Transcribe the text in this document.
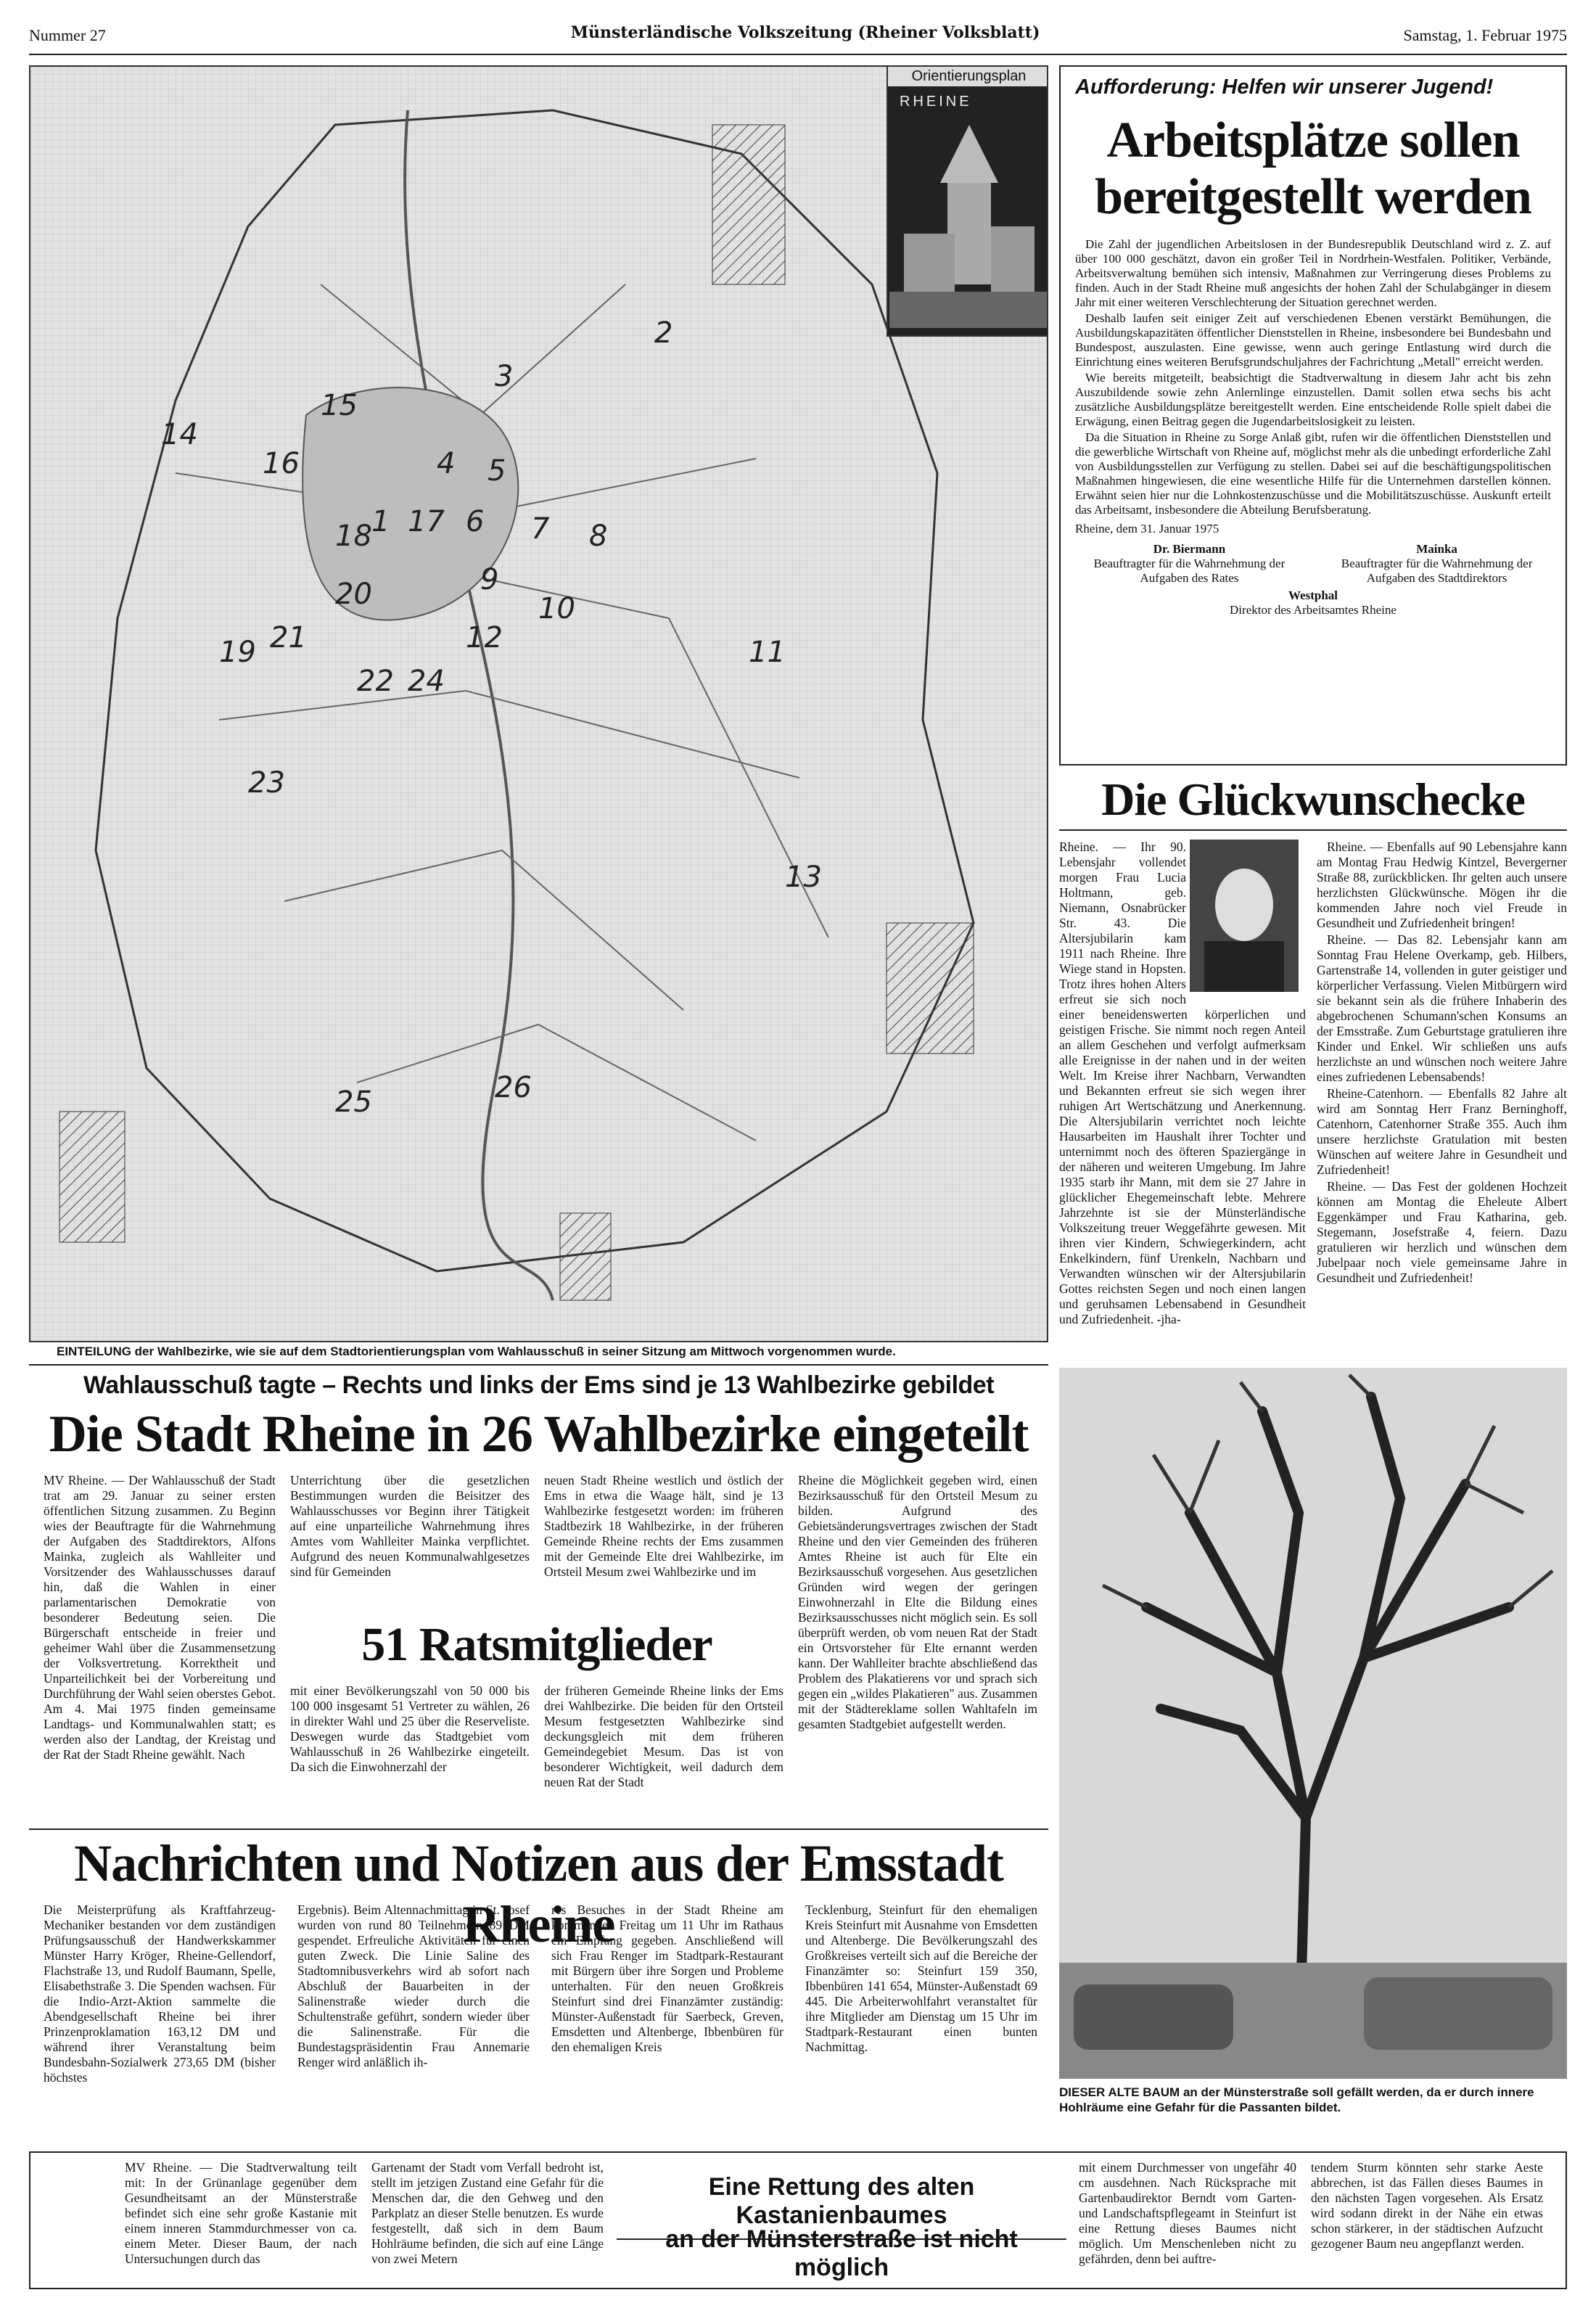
Nummer 27	Münsterländische Volkszeitung (Rheiner Volksblatt)	Samstag, 1. Februar 1975
1
2
3
4 5
6 7 8
9
10
11
12
13
14
15
16
17
18
19
20
21
22
23
24
25	26
Orientierungsplan
RHEINE
EINTEILUNG der Wahlbezirke, wie sie auf dem Stadtorientierungsplan vom Wahlausschuß in seiner Sitzung am Mittwoch vorgenommen wurde.
Aufforderung: Helfen wir unserer Jugend!
Arbeitsplätze sollen bereitgestellt werden

Die Zahl der jugendlichen Arbeitslosen in der Bundesrepublik Deutschland wird z. Z. auf über 100 000 geschätzt, davon ein großer Teil in Nordrhein-Westfalen. Politiker, Verbände, Arbeitsverwaltung bemühen sich intensiv, Maßnahmen zur Verringerung dieses Problems zu finden. Auch in der Stadt Rheine muß angesichts der hohen Zahl der Schulabgänger in diesem Jahr mit einer weiteren Verschlechterung der Situation gerechnet werden.

Deshalb laufen seit einiger Zeit auf verschiedenen Ebenen verstärkt Bemühungen, die Ausbildungskapazitäten öffentlicher Dienststellen in Rheine, insbesondere bei Bundesbahn und Bundespost, auszulasten. Eine gewisse, wenn auch geringe Entlastung wird durch die Einrichtung eines weiteren Berufsgrundschuljahres der Fachrichtung „Metall" erreicht werden.

Wie bereits mitgeteilt, beabsichtigt die Stadtverwaltung in diesem Jahr acht bis zehn Auszubildende sowie zehn Anlernlinge einzustellen. Damit sollen etwa sechs bis acht zusätzliche Ausbildungsplätze bereitgestellt werden. Eine entscheidende Rolle spielt dabei die Erwägung, einen Beitrag gegen die Jugendarbeitslosigkeit zu leisten.

Da die Situation in Rheine zu Sorge Anlaß gibt, rufen wir die öffentlichen Dienststellen und die gewerbliche Wirtschaft von Rheine auf, möglichst mehr als die unbedingt erforderliche Zahl von Ausbildungsstellen zur Verfügung zu stellen. Dabei sei auf die beschäftigungspolitischen Maßnahmen hingewiesen, die eine wesentliche Hilfe für die Unternehmen darstellen können. Erwähnt seien hier nur die Lohnkostenzuschüsse und die Mobilitätszuschüsse. Auskunft erteilt das Arbeitsamt, insbesondere die Abteilung Berufsberatung.

Rheine, dem 31. Januar 1975

Dr. Biermann
Beauftragter für die Wahrnehmung der Aufgaben des Rates
Mainka
Beauftragter für die Wahrnehmung der Aufgaben des Stadtdirektors
Westphal
Direktor des Arbeitsamtes Rheine
Die Glückwunschecke
Rheine. — Ihr 90. Lebensjahr vollendet morgen Frau Lucia Holtmann, geb. Niemann, Osnabrücker Str. 43. Die Altersjubilarin kam 1911 nach Rheine. Ihre Wiege stand in Hopsten. Trotz ihres hohen Alters erfreut sie sich noch einer beneidenswerten körperlichen und geistigen Frische. Sie nimmt noch regen Anteil an allem Geschehen und verfolgt aufmerksam alle Ereignisse in der nahen und in der weiten Welt. Im Kreise ihrer Nachbarn, Verwandten und Bekannten erfreut sie sich wegen ihrer ruhigen Art Wertschätzung und Anerkennung. Die Altersjubilarin verrichtet noch leichte Hausarbeiten im Haushalt ihrer Tochter und unternimmt noch des öfteren Spaziergänge in der näheren und weiteren Umgebung. Im Jahre 1935 starb ihr Mann, mit dem sie 27 Jahre in glücklicher Ehegemeinschaft lebte. Mehrere Jahrzehnte ist sie der Münsterländische Volkszeitung treuer Weggefährte gewesen. Mit ihren vier Kindern, Schwiegerkindern, acht Enkelkindern, fünf Urenkeln, Nachbarn und Verwandten wünschen wir der Altersjubilarin Gottes reichsten Segen und noch einen langen und geruhsamen Lebensabend in Gesundheit und Zufriedenheit. -jha-

Rheine. — Ebenfalls auf 90 Lebensjahre kann am Montag Frau Hedwig Kintzel, Bevergerner Straße 88, zurückblicken. Ihr gelten auch unsere herzlichsten Glückwünsche. Mögen ihr die kommenden Jahre noch viel Freude in Gesundheit und Zufriedenheit bringen!

Rheine. — Das 82. Lebensjahr kann am Sonntag Frau Helene Overkamp, geb. Hilbers, Gartenstraße 14, vollenden in guter geistiger und körperlicher Verfassung. Vielen Mitbürgern wird sie bekannt sein als die frühere Inhaberin des abgebrochenen Schumann'schen Konsums an der Emsstraße. Zum Geburtstage gratulieren ihre Kinder und Enkel. Wir schließen uns aufs herzlichste an und wünschen noch weitere Jahre eines zufriedenen Lebensabends!

Rheine-Catenhorn. — Ebenfalls 82 Jahre alt wird am Sonntag Herr Franz Berninghoff, Catenhorn, Catenhorner Straße 355. Auch ihm unsere herzlichste Gratulation mit besten Wünschen auf weitere Jahre in Gesundheit und Zufriedenheit!

Rheine. — Das Fest der goldenen Hochzeit können am Montag die Eheleute Albert Eggenkämper und Frau Katharina, geb. Stegemann, Josefstraße 4, feiern. Dazu gratulieren wir herzlich und wünschen dem Jubelpaar noch viele gemeinsame Jahre in Gesundheit und Zufriedenheit!

Wahlausschuß tagte – Rechts und links der Ems sind je 13 Wahlbezirke gebildet
Die Stadt Rheine in 26 Wahlbezirke eingeteilt
MV Rheine. — Der Wahlausschuß der Stadt trat am 29. Januar zu seiner ersten öffentlichen Sitzung zusammen. Zu Beginn wies der Beauftragte für die Wahrnehmung der Aufgaben des Stadtdirektors, Alfons Mainka, zugleich als Wahlleiter und Vorsitzender des Wahlausschusses darauf hin, daß die Wahlen in einer parlamentarischen Demokratie von besonderer Bedeutung seien. Die Bürgerschaft entscheide in freier und geheimer Wahl über die Zusammensetzung der Volksvertretung. Korrektheit und Unparteilichkeit bei der Vorbereitung und Durchführung der Wahl seien oberstes Gebot. Am 4. Mai 1975 finden gemeinsame Landtags- und Kommunalwahlen statt; es werden also der Landtag, der Kreistag und der Rat der Stadt Rheine gewählt. Nach
Unterrichtung über die gesetzlichen Bestimmungen wurden die Beisitzer des Wahlausschusses vor Beginn ihrer Tätigkeit auf eine unparteiliche Wahrnehmung ihres Amtes vom Wahlleiter Mainka verpflichtet. Aufgrund des neuen Kommunalwahlgesetzes sind für Gemeinden
neuen Stadt Rheine westlich und östlich der Ems in etwa die Waage hält, sind je 13 Wahlbezirke festgesetzt worden: im früheren Stadtbezirk 18 Wahlbezirke, in der früheren Gemeinde Rheine rechts der Ems zusammen mit der Gemeinde Elte drei Wahlbezirke, im Ortsteil Mesum zwei Wahlbezirke und im
51 Ratsmitglieder
mit einer Bevölkerungszahl von 50 000 bis 100 000 insgesamt 51 Vertreter zu wählen, 26 in direkter Wahl und 25 über die Reserveliste. Deswegen wurde das Stadtgebiet vom Wahlausschuß in 26 Wahlbezirke eingeteilt. Da sich die Einwohnerzahl der
der früheren Gemeinde Rheine links der Ems drei Wahlbezirke. Die beiden für den Ortsteil Mesum festgesetzten Wahlbezirke sind deckungsgleich mit dem früheren Gemeindegebiet Mesum. Das ist von besonderer Wichtigkeit, weil dadurch dem neuen Rat der Stadt
Rheine die Möglichkeit gegeben wird, einen Bezirksausschuß für den Ortsteil Mesum zu bilden. Aufgrund des Gebietsänderungsvertrages zwischen der Stadt Rheine und den vier Gemeinden des früheren Amtes Rheine ist auch für Elte ein Bezirksausschuß vorgesehen. Aus gesetzlichen Gründen wird wegen der geringen Einwohnerzahl in Elte die Bildung eines Bezirksausschusses nicht möglich sein. Es soll überprüft werden, ob vom neuen Rat der Stadt ein Ortsvorsteher für Elte ernannt werden kann. Der Wahlleiter brachte abschließend das Problem des Plakatierens vor und sprach sich gegen ein „wildes Plakatieren" aus. Zusammen mit der Städtereklame sollen Wahltafeln im gesamten Stadtgebiet aufgestellt werden.
DIESER ALTE BAUM an der Münsterstraße soll gefällt werden, da er durch innere Hohlräume eine Gefahr für die Passanten bildet.
Nachrichten und Notizen aus der Emsstadt Rheine
Die Meisterprüfung als Kraftfahrzeug-Mechaniker bestanden vor dem zuständigen Prüfungsausschuß der Handwerkskammer Münster Harry Kröger, Rheine-Gellendorf, Flachstraße 13, und Rudolf Baumann, Spelle, Elisabethstraße 3. Die Spenden wachsen. Für die Indio-Arzt-Aktion sammelte die Abendgesellschaft Rheine bei ihrer Prinzenproklamation 163,12 DM und während ihrer Veranstaltung beim Bundesbahn-Sozialwerk 273,65 DM (bisher höchstes
Ergebnis). Beim Altennachmittag in St. Josef wurden von rund 80 Teilnehmern 89 DM gespendet. Erfreuliche Aktivitäten für einen guten Zweck. Die Linie Saline des Stadtomnibusverkehrs wird ab sofort nach Abschluß der Bauarbeiten in der Salinenstraße wieder durch die Schultenstraße geführt, sondern wieder über die Salinenstraße. Für die Bundestagspräsidentin Frau Annemarie Renger wird anläßlich ih-
res Besuches in der Stadt Rheine am kommenden Freitag um 11 Uhr im Rathaus ein Empfang gegeben. Anschließend will sich Frau Renger im Stadtpark-Restaurant mit Bürgern über ihre Sorgen und Probleme unterhalten. Für den neuen Großkreis Steinfurt sind drei Finanzämter zuständig: Münster-Außenstadt für Saerbeck, Greven, Emsdetten und Altenberge, Ibbenbüren für den ehemaligen Kreis
Tecklenburg, Steinfurt für den ehemaligen Kreis Steinfurt mit Ausnahme von Emsdetten und Altenberge. Die Bevölkerungszahl des Großkreises verteilt sich auf die Bereiche der Finanzämter so: Steinfurt 159 350, Ibbenbüren 141 654, Münster-Außenstadt 69 445. Die Arbeiterwohlfahrt veranstaltet für ihre Mitglieder am Dienstag um 15 Uhr im Stadtpark-Restaurant einen bunten Nachmittag.
MV Rheine. — Die Stadtverwaltung teilt mit: In der Grünanlage gegenüber dem Gesundheitsamt an der Münsterstraße befindet sich eine sehr große Kastanie mit einem inneren Stammdurchmesser von ca. einem Meter. Dieser Baum, der nach Untersuchungen durch das
Gartenamt der Stadt vom Verfall bedroht ist, stellt im jetzigen Zustand eine Gefahr für die Menschen dar, die den Gehweg und den Parkplatz an dieser Stelle benutzen. Es wurde festgestellt, daß sich in dem Baum Hohlräume befinden, die sich auf eine Länge von zwei Metern
Eine Rettung des alten Kastanienbaumes
an der Münsterstraße ist nicht möglich
mit einem Durchmesser von ungefähr 40 cm ausdehnen. Nach Rücksprache mit Gartenbaudirektor Berndt vom Garten- und Landschaftspflegeamt in Steinfurt ist eine Rettung dieses Baumes nicht möglich. Um Menschenleben nicht zu gefährden, denn bei auftre-
tendem Sturm könnten sehr starke Aeste abbrechen, ist das Fällen dieses Baumes in den nächsten Tagen vorgesehen. Als Ersatz wird sodann direkt in der Nähe ein etwas schon stärkerer, in der städtischen Aufzucht gezogener Baum neu angepflanzt werden.
